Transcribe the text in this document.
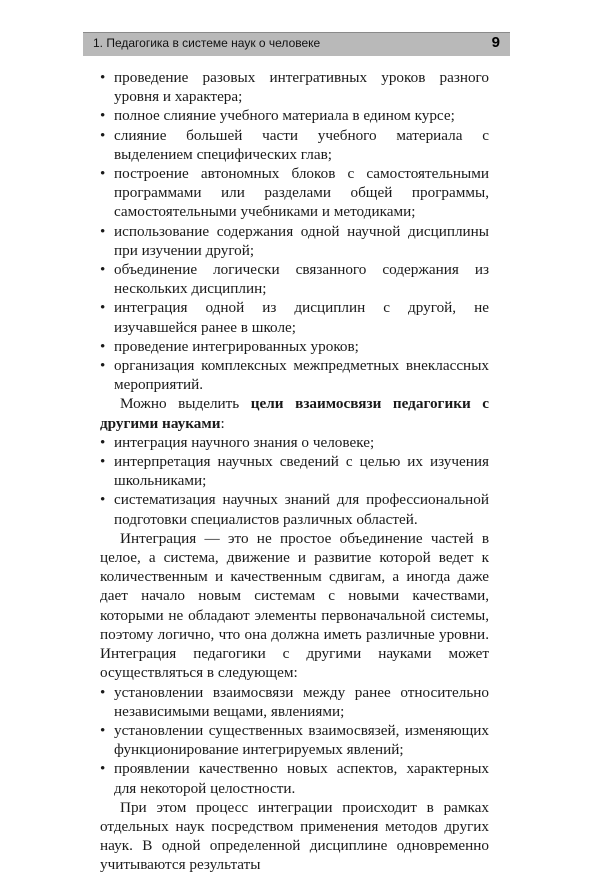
1. Педагогика в системе наук о человеке	9

• проведение разовых интегративных уроков разного уровня и характера;

• полное слияние учебного материала в едином курсе;

• слияние большей части учебного материала с выделением специфических глав;

• построение автономных блоков с самостоятельными программами или разделами общей программы, самостоятельными учебниками и методиками;

• использование содержания одной научной дисциплины при изучении другой;

• объединение логически связанного содержания из нескольких дисциплин;

• интеграция одной из дисциплин с другой, не изучавшейся ранее в школе;

• проведение интегрированных уроков;

• организация комплексных межпредметных внеклассных мероприятий.

Можно выделить цели взаимосвязи педагогики с другими науками:

• интеграция научного знания о человеке;

• интерпретация научных сведений с целью их изучения школьниками;

• систематизация научных знаний для профессиональной подготовки специалистов различных областей.

Интеграция — это не простое объединение частей в целое, а система, движение и развитие которой ведет к количественным и качественным сдвигам, а иногда даже дает начало новым системам с новыми качествами, которыми не обладают элементы первоначальной системы, поэтому логично, что она должна иметь различные уровни. Интеграция педагогики с другими науками может осуществляться в следующем:

• установлении взаимосвязи между ранее относительно независимыми вещами, явлениями;

• установлении существенных взаимосвязей, изменяющих функционирование интегрируемых явлений;

• проявлении качественно новых аспектов, характерных для некоторой целостности.

При этом процесс интеграции происходит в рамках отдельных наук посредством применения методов других наук. В одной определенной дисциплине одновременно учитываются результаты
